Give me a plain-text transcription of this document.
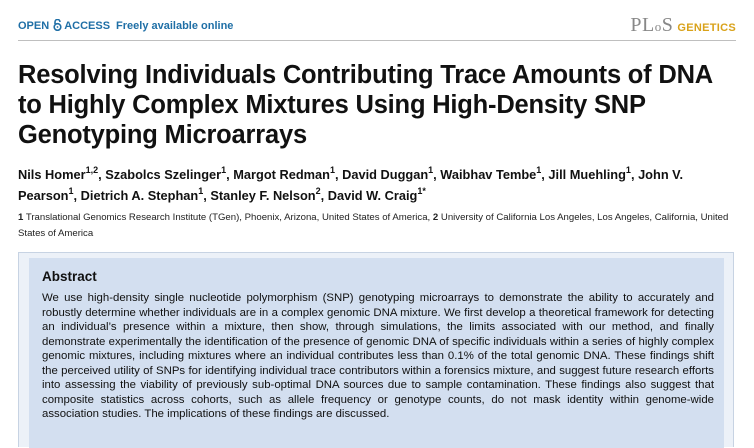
OPEN ACCESS Freely available online	PLoS GENETICS
Resolving Individuals Contributing Trace Amounts of DNA to Highly Complex Mixtures Using High-Density SNP Genotyping Microarrays

Nils Homer$^{1,2}$, Szabolcs Szelinger$^1$, Margot Redman$^1$, David Duggan$^1$, Waibhav Tembe$^1$, Jill Muehling$^1$, John V. Pearson$^1$, Dietrich A. Stephan$^1$, Stanley F. Nelson$^2$, David W. Craig$^{1*}$

1 Translational Genomics Research Institute (TGen), Phoenix, Arizona, United States of America, 2 University of California Los Angeles, Los Angeles, California, United States of America

Abstract

We use high-density single nucleotide polymorphism (SNP) genotyping microarrays to demonstrate the ability to accurately and robustly determine whether individuals are in a complex genomic DNA mixture. We first develop a theoretical framework for detecting an individual’s presence within a mixture, then show, through simulations, the limits associated with our method, and finally demonstrate experimentally the identification of the presence of genomic DNA of specific individuals within a series of highly complex genomic mixtures, including mixtures where an individual contributes less than 0.1% of the total genomic DNA. These findings shift the perceived utility of SNPs for identifying individual trace contributors within a forensics mixture, and suggest future research efforts into assessing the viability of previously sub-optimal DNA sources due to sample contamination. These findings also suggest that composite statistics across cohorts, such as allele frequency or genotype counts, do not mask identity within genome-wide association studies. The implications of these findings are discussed.
